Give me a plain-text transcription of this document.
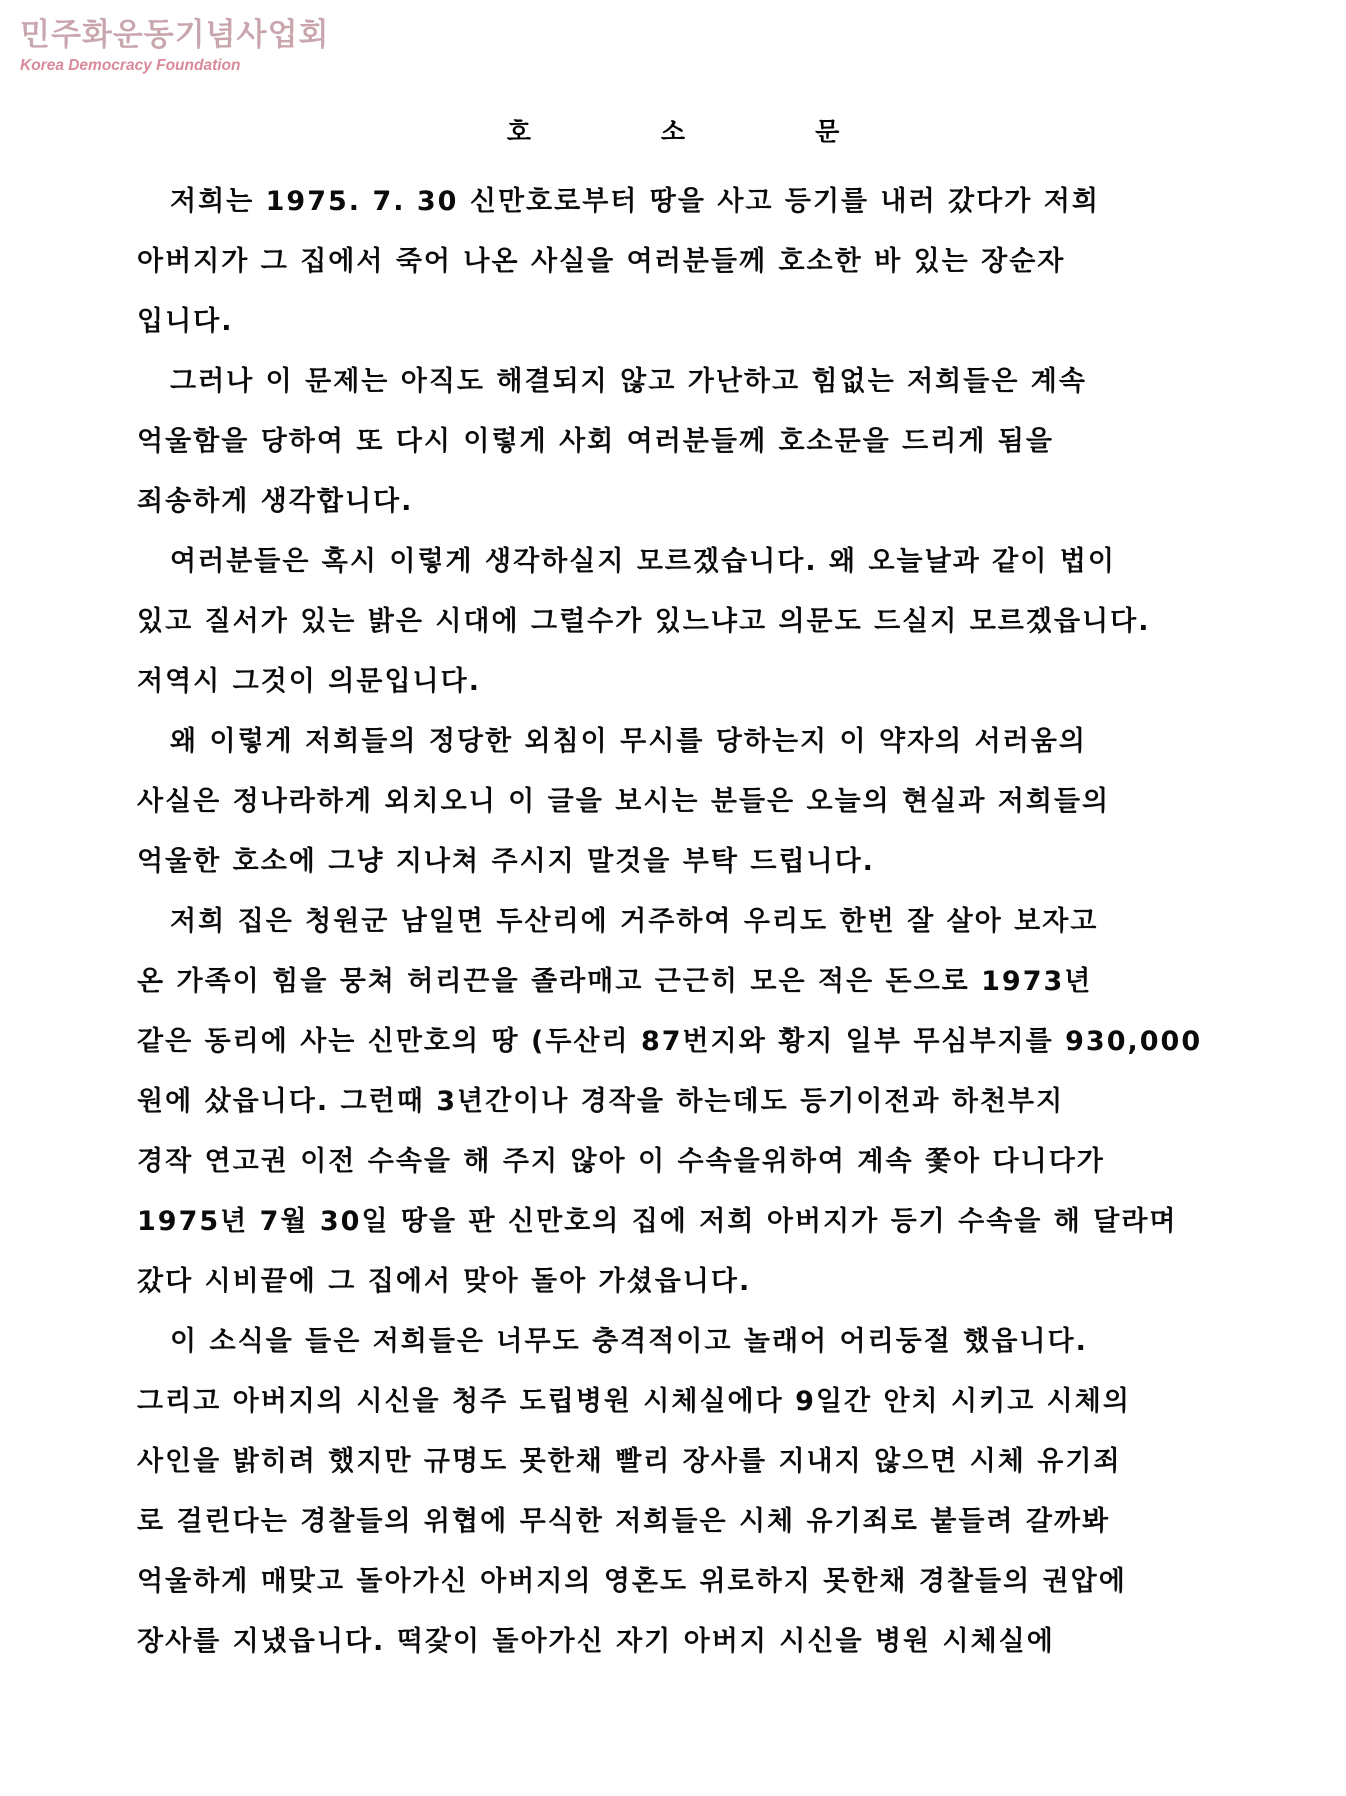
민주화운동기념사업회
Korea Democracy Foundation
호소문
저희는 1975. 7. 30 신만호로부터 땅을 사고 등기를 내러 갔다가 저희
아버지가 그 집에서 죽어 나온 사실을 여러분들께 호소한 바 있는 장순자
입니다.
그러나 이 문제는 아직도 해결되지 않고 가난하고 힘없는 저희들은 계속
억울함을 당하여 또 다시 이렇게 사회 여러분들께 호소문을 드리게 됨을
죄송하게 생각합니다.
여러분들은 혹시 이렇게 생각하실지 모르겠습니다. 왜 오늘날과 같이 법이
있고 질서가 있는 밝은 시대에 그럴수가 있느냐고 의문도 드실지 모르겠읍니다.
저역시 그것이 의문입니다.
왜 이렇게 저희들의 정당한 외침이 무시를 당하는지 이 약자의 서러움의
사실은 정나라하게 외치오니 이 글을 보시는 분들은 오늘의 현실과 저희들의
억울한 호소에 그냥 지나쳐 주시지 말것을 부탁 드립니다.
저희 집은 청원군 남일면 두산리에 거주하여 우리도 한번 잘 살아 보자고
온 가족이 힘을 뭉쳐 허리끈을 졸라매고 근근히 모은 적은 돈으로 1973년
같은 동리에 사는 신만호의 땅 (두산리 87번지와 황지 일부 무심부지를 930,000
원에 샀읍니다. 그런때 3년간이나 경작을 하는데도 등기이전과 하천부지
경작 연고권 이전 수속을 해 주지 않아 이 수속을위하여 계속 쫓아 다니다가
1975년 7월 30일 땅을 판 신만호의 집에 저희 아버지가 등기 수속을 해 달라며
갔다 시비끝에 그 집에서 맞아 돌아 가셨읍니다.
이 소식을 들은 저희들은 너무도 충격적이고 놀래어 어리둥절 했읍니다.
그리고 아버지의 시신을 청주 도립병원 시체실에다 9일간 안치 시키고 시체의
사인을 밝히려 했지만 규명도 못한채 빨리 장사를 지내지 않으면 시체 유기죄
로 걸린다는 경찰들의 위협에 무식한 저희들은 시체 유기죄로 붙들려 갈까봐
억울하게 매맞고 돌아가신 아버지의 영혼도 위로하지 못한채 경찰들의 권압에
장사를 지냈읍니다. 떡갗이 돌아가신 자기 아버지 시신을 병원 시체실에
